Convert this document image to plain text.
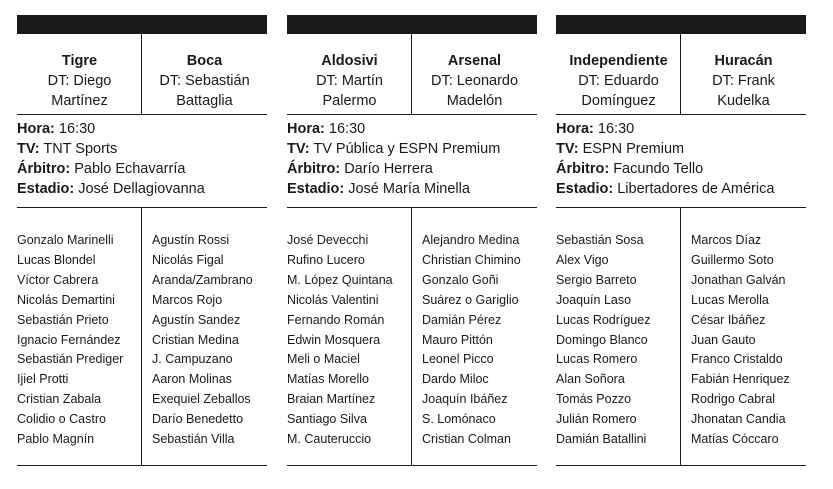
Tigre
DT: Diego Martínez
Boca
DT: Sebastián Battaglia
Hora: 16:30
TV: TNT Sports
Árbitro: Pablo Echavarría
Estadio: José Dellagiovanna
Gonzalo Marinelli
Lucas Blondel
Víctor Cabrera
Nicolás Demartini
Sebastián Prieto
Ignacio Fernández
Sebastián Prediger
Ijiel Protti
Cristian Zabala
Colidio o Castro
Pablo Magnín
Agustín Rossi
Nicolás Figal
Aranda/Zambrano
Marcos Rojo
Agustín Sandez
Cristian Medina
J. Campuzano
Aaron Molinas
Exequiel Zeballos
Darío Benedetto
Sebastián Villa
Aldosivi
DT: Martín Palermo
Arsenal
DT: Leonardo Madelón
Hora: 16:30
TV: TV Pública y ESPN Premium
Árbitro: Darío Herrera
Estadio: José María Minella
José Devecchi
Rufino Lucero
M. López Quintana
Nicolás Valentini
Fernando Román
Edwin Mosquera
Meli o Maciel
Matías Morello
Braian Martínez
Santiago Silva
M. Cauteruccio
Alejandro Medina
Christian Chimino
Gonzalo Goñi
Suárez o Gariglio
Damián Pérez
Mauro Pittón
Leonel Picco
Dardo Miloc
Joaquín Ibáñez
S. Lomónaco
Cristian Colman
Independiente
DT: Eduardo Domínguez
Huracán
DT: Frank Kudelka
Hora: 16:30
TV: ESPN Premium
Árbitro: Facundo Tello
Estadio: Libertadores de América
Sebastián Sosa
Alex Vigo
Sergio Barreto
Joaquín Laso
Lucas Rodríguez
Domingo Blanco
Lucas Romero
Alan Soñora
Tomás Pozzo
Julián Romero
Damián Batallini
Marcos Díaz
Guillermo Soto
Jonathan Galván
Lucas Merolla
César Ibáñez
Juan Gauto
Franco Cristaldo
Fabián Henriquez
Rodrigo Cabral
Jhonatan Candia
Matías Cóccaro
